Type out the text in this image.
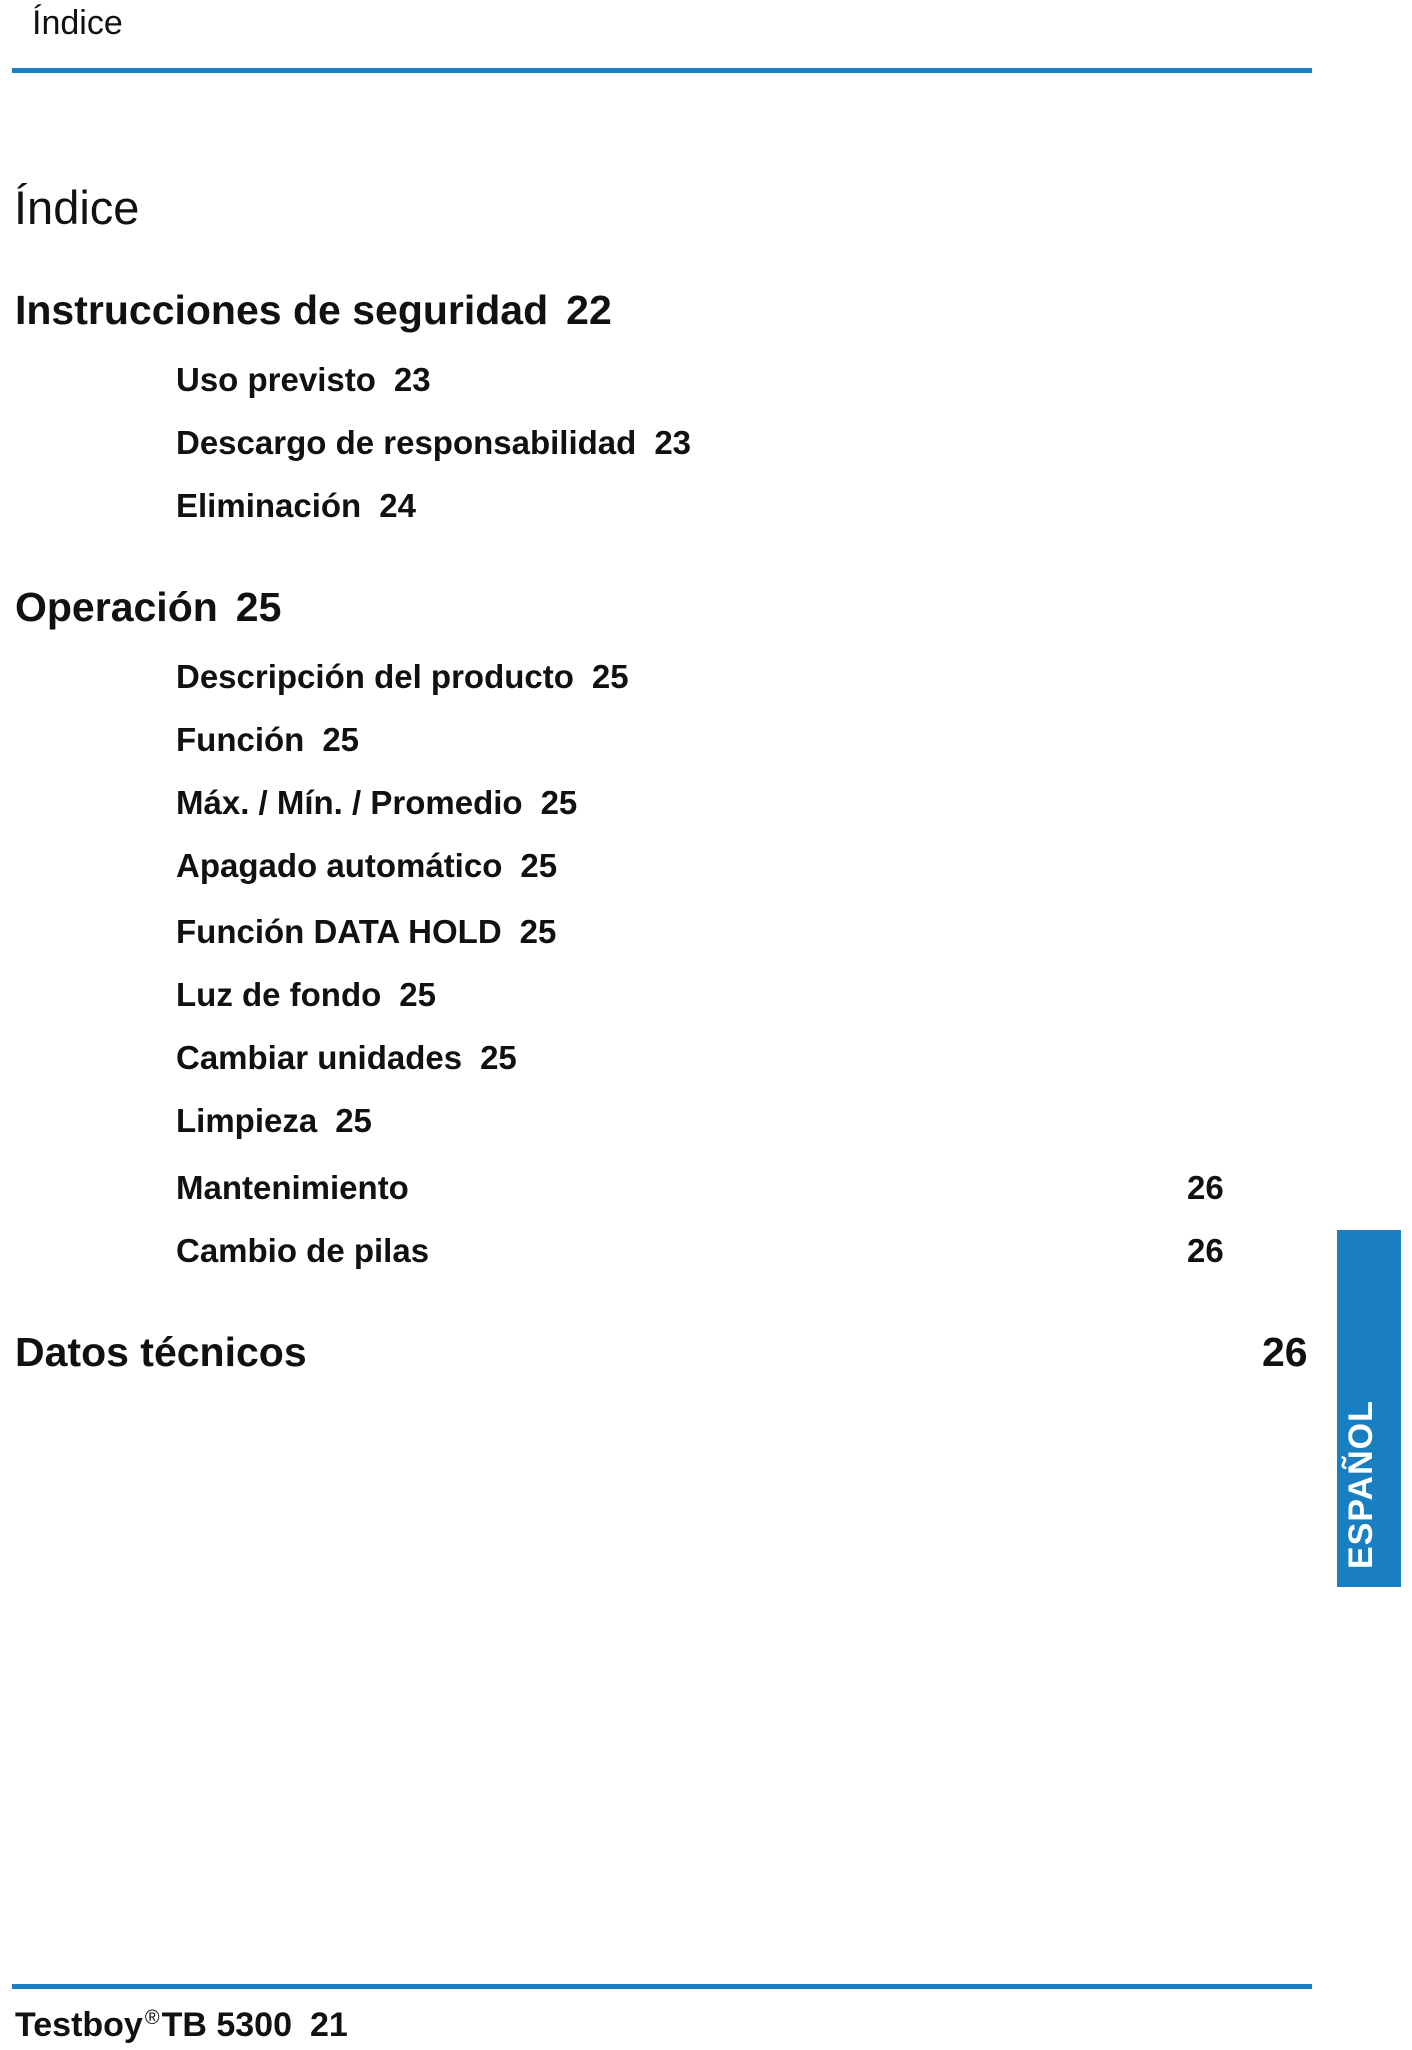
Índice
Índice
Instrucciones de seguridad 22
Uso previsto 23
Descargo de responsabilidad 23
Eliminación 24
Operación 25
Descripción del producto 25
Función 25
Máx. / Mín. / Promedio 25
Apagado automático 25
Función DATA HOLD 25
Luz de fondo 25
Cambiar unidades 25
Limpieza 25
Mantenimiento	26
Cambio de pilas	26
Datos técnicos	26
ESPAÑOL
Testboy ®TB 5300 21
